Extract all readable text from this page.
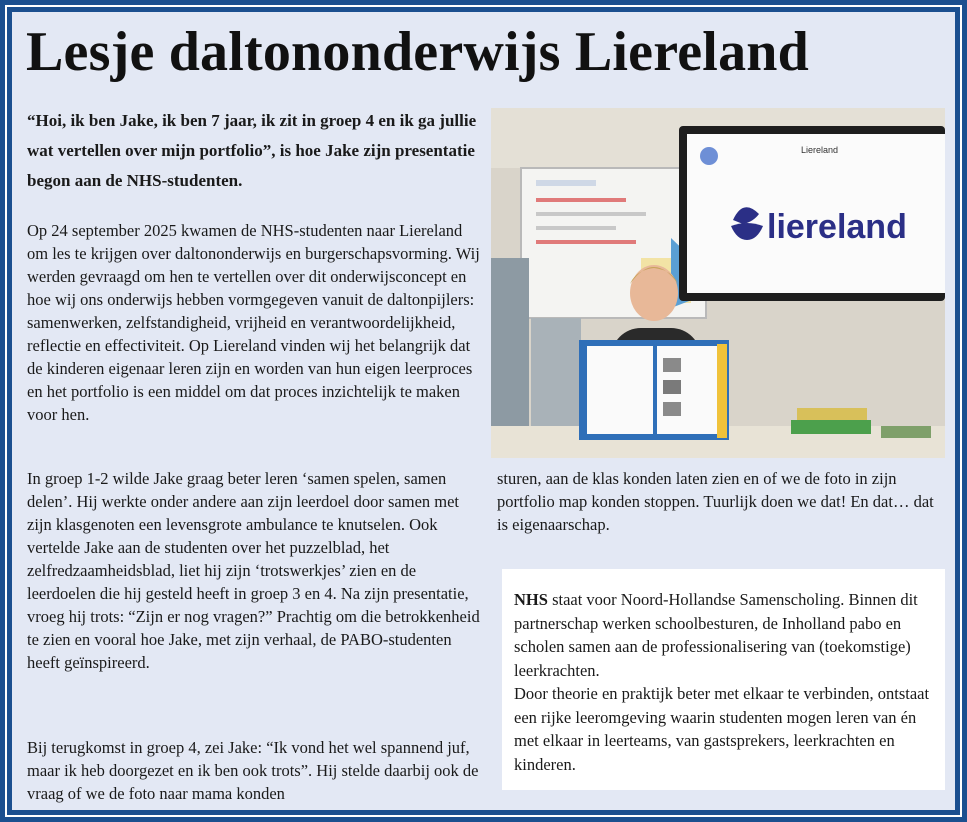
Lesje daltononderwijs Liereland

“Hoi, ik ben Jake, ik ben 7 jaar, ik zit in groep 4 en ik ga jullie wat vertellen over mijn portfolio”, is hoe Jake zijn presentatie begon aan de NHS-studenten.

Op 24 september 2025 kwamen de NHS-studenten naar Liereland om les te krijgen over daltononderwijs en burgerschapsvorming. Wij werden gevraagd om hen te vertellen over dit onderwijsconcept en hoe wij ons onderwijs hebben vormgegeven vanuit de daltonpijlers: samenwerken, zelfstandigheid, vrijheid en verantwoordelijkheid, reflectie en effectiviteit. Op Liereland vinden wij het belangrijk dat de kinderen eigenaar leren zijn en worden van hun eigen leerproces en het portfolio is een middel om dat proces inzichtelijk te maken voor hen.

In groep 1-2 wilde Jake graag beter leren ‘samen spelen, samen delen’. Hij werkte onder andere aan zijn leerdoel door samen met zijn klasgenoten een levensgrote ambulance te knutselen. Ook vertelde Jake aan de studenten over het puzzelblad, het zelfredzaamheidsblad, liet hij zijn ‘trotswerkjes’ zien en de leerdoelen die hij gesteld heeft in groep 3 en 4. Na zijn presentatie, vroeg hij trots: “Zijn er nog vragen?” Prachtig om die betrokkenheid te zien en vooral hoe Jake, met zijn verhaal, de PABO-studenten heeft geïnspireerd.

Bij terugkomst in groep 4, zei Jake: “Ik vond het wel spannend juf, maar ik heb doorgezet en ik ben ook trots”. Hij stelde daarbij ook de vraag of we de foto naar mama konden

Liereland
liereland

sturen, aan de klas konden laten zien en of we de foto in zijn portfolio map konden stoppen. Tuurlijk doen we dat! En dat… dat is eigenaarschap.

NHS staat voor Noord-Hollandse Samenscholing. Binnen dit partnerschap werken schoolbesturen, de Inholland pabo en scholen samen aan de professionalisering van (toekomstige) leerkrachten.

Door theorie en praktijk beter met elkaar te verbinden, ontstaat een rijke leeromgeving waarin studenten mogen leren van én met elkaar in leerteams, van gastsprekers, leerkrachten en kinderen.
